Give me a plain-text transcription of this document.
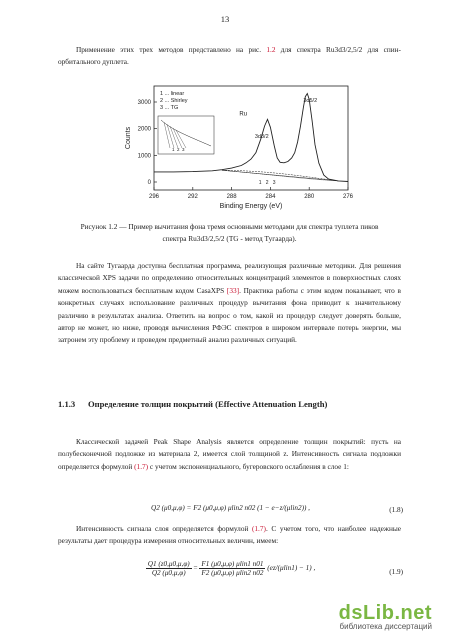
13
Применение этих трех методов представлено на рис. 1.2 для спектра Ru3d3/2,5/2 для спин-орбитального дуплета.
296	292	288	284	280	276
0
1000
2000
3000
Binding Energy (eV)
Counts
1 2 3
1 ... linear
2 ... Shirley
3 ... TG
Ru
3d3/2
3d5/2
1 2 3
Рисунок 1.2 — Пример вычитания фона тремя основными методами для спектра туплета пиков
спектра Ru3d3/2,5/2 (TG - метод Тугаарда).
На сайте Тугаарда доступна бесплатная программа, реализующая различные методики. Для решения классической XPS задачи по определению относительных концентраций элементов в поверхностных слоях можем воспользоваться бесплатным кодом CasaXPS [33]. Практика работы с этим кодом показывает, что в конкретных случаях использование различных процедур вычитания фона приводит к значительному различию в результатах анализа. Ответить на вопрос о том, какой из процедур следует доверять больше, автор не может, но ниже, проводя вычисления РФЭС спектров в широком интервале потерь энергии, мы затронем эту проблему и проведем предметный анализ различных ситуаций.
1.1.3 Определение толщин покрытий (Effective Attenuation Length)
Классической задачей Peak Shape Analysis является определение толщин покрытий: пусть на полубесконечной подложке из материала 2, имеется слой толщиной z. Интенсивность сигнала подложки определяется формулой (1.7) с учетом экспоненциального, бугеровского ослабления в слое 1:
Q2 (μ0,μ,φ) = F2 (μ0,μ,φ) μlin2 n02 (1 − e−z/(μlin2)) ,	(1.8)
Интенсивность сигнала слоя определяется формулой (1.7). С учетом того, что наиболее надежные результаты дает процедура измерения относительных величин, имеем:
$\frac{Q1 (z0,\mu 0,\mu,\varphi)}{Q2 (\mu 0,\mu,\varphi)} = \frac{\text{F1 (μ0,μ,φ) μlin1 n01}}{\text{F2 (μ0,μ,φ) μlin2 n02}} (ez/(\mu lin1) - 1)$ ,	(1.9)
dsLib.net
библиотека диссертаций
